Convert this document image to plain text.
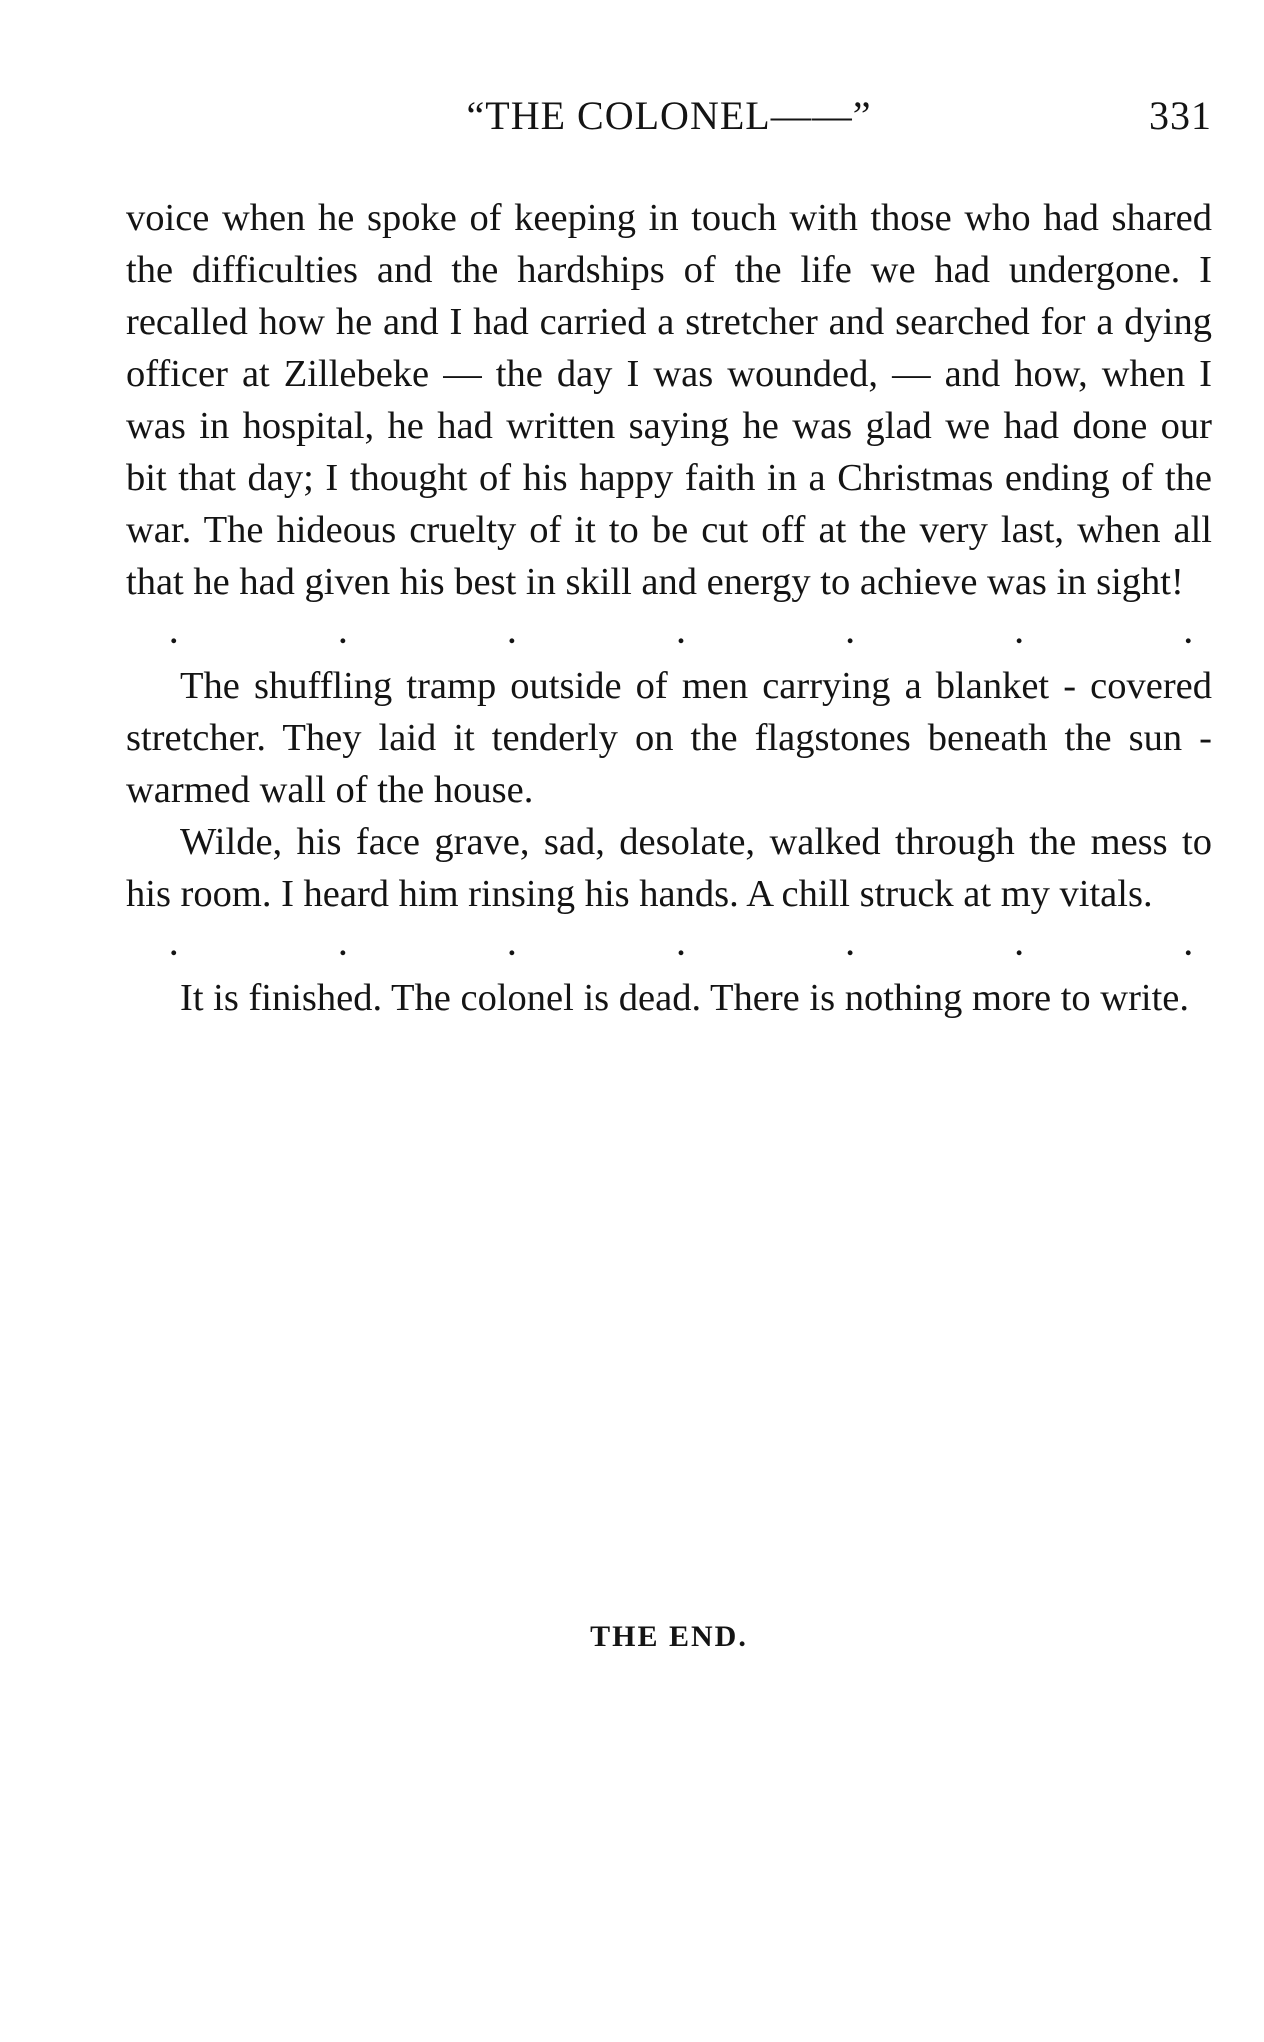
“THE COLONEL——”	331

voice when he spoke of keeping in touch with those who had shared the difficulties and the hardships of the life we had undergone. I recalled how he and I had carried a stretcher and searched for a dying officer at Zillebeke — the day I was wounded, — and how, when I was in hospital, he had written saying he was glad we had done our bit that day; I thought of his happy faith in a Christmas ending of the war. The hideous cruelty of it to be cut off at the very last, when all that he had given his best in skill and energy to achieve was in sight!

.	.	.	.	.	.	.

The shuffling tramp outside of men carrying a blanket - covered stretcher. They laid it tenderly on the flagstones beneath the sun - warmed wall of the house.

Wilde, his face grave, sad, desolate, walked through the mess to his room. I heard him rinsing his hands. A chill struck at my vitals.

.	.	.	.	.	.	.

It is finished. The colonel is dead. There is nothing more to write.

THE END.
